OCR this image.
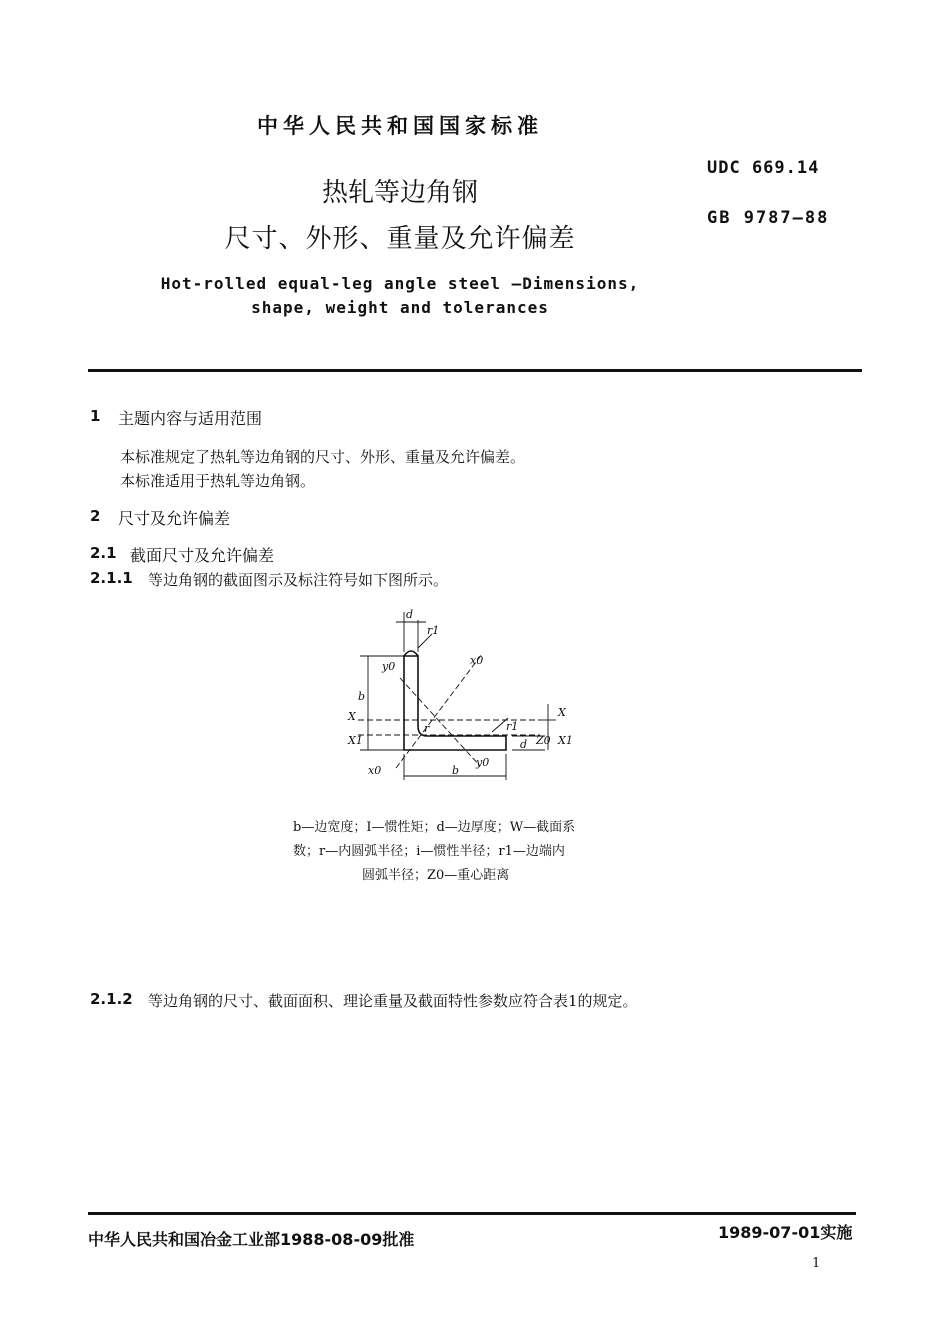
中华人民共和国国家标准
UDC 669.14
GB 9787—88
热轧等边角钢
尺寸、外形、重量及允许偏差
Hot-rolled equal-leg angle steel —Dimensions,
shape, weight and tolerances
1 主题内容与适用范围
本标准规定了热轧等边角钢的尺寸、外形、重量及允许偏差。
本标准适用于热轧等边角钢。
2 尺寸及允许偏差
2.1 截面尺寸及允许偏差
2.1.1 等边角钢的截面图示及标注符号如下图所示。
d
r1
y0	x0
b
X
X1
r	r1
d Z0
X
X1
x0	b
y0
b—边宽度；I—惯性矩；d—边厚度；W—截面系
数；r—内圆弧半径；i—惯性半径；r1—边端内
圆弧半径；Z0—重心距离
2.1.2 等边角钢的尺寸、截面面积、理论重量及截面特性参数应符合表1的规定。
中华人民共和国冶金工业部1988-08-09批准	1989-07-01实施
1
